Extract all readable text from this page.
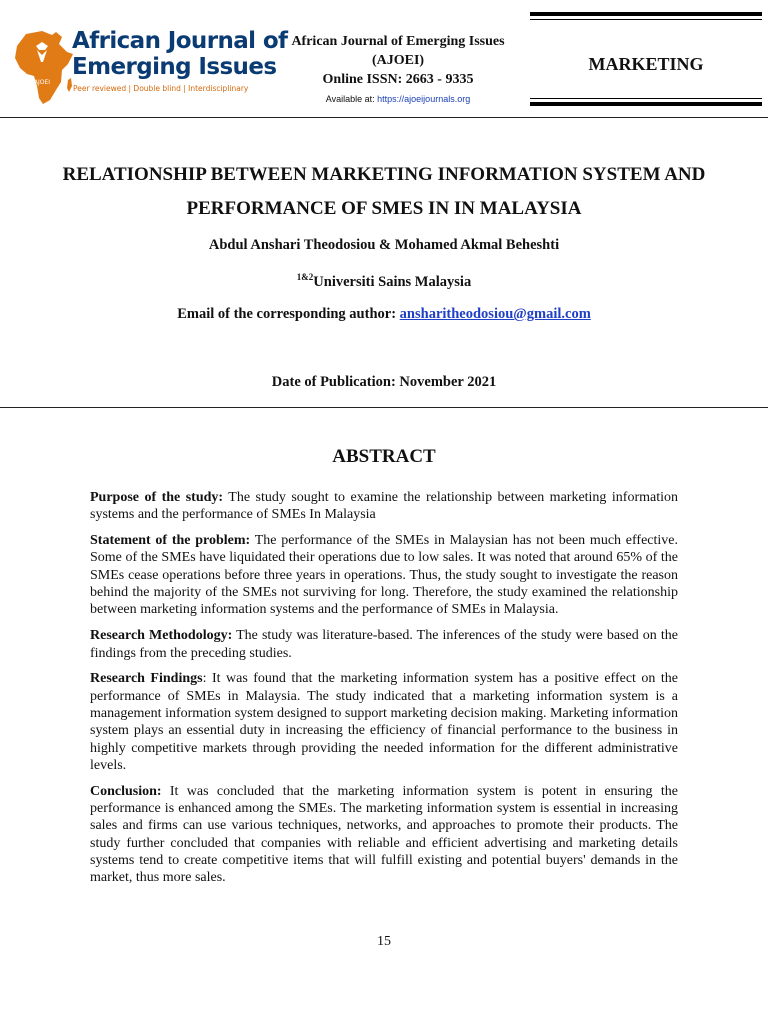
AJOEI
African Journal of
Emerging Issues
Peer reviewed | Double blind | Interdisciplinary
African Journal of Emerging Issues
(AJOEI)
Online ISSN: 2663 - 9335
Available at: https://ajoeijournals.org
MARKETING
RELATIONSHIP BETWEEN MARKETING INFORMATION SYSTEM AND PERFORMANCE OF SMES IN IN MALAYSIA
Abdul Anshari Theodosiou & Mohamed Akmal Beheshti
$^{1\&2}$Universiti Sains Malaysia
Email of the corresponding author: ansharitheodosiou@gmail.com
Date of Publication: November 2021
ABSTRACT

Purpose of the study: The study sought to examine the relationship between marketing information systems and the performance of SMEs In Malaysia

Statement of the problem: The performance of the SMEs in Malaysian has not been much effective. Some of the SMEs have liquidated their operations due to low sales. It was noted that around 65% of the SMEs cease operations before three years in operations. Thus, the study sought to investigate the reason behind the majority of the SMEs not surviving for long. Therefore, the study examined the relationship between marketing information systems and the performance of SMEs in Malaysia.

Research Methodology: The study was literature-based. The inferences of the study were based on the findings from the preceding studies.

Research Findings: It was found that the marketing information system has a positive effect on the performance of SMEs in Malaysia. The study indicated that a marketing information system is a management information system designed to support marketing decision making. Marketing information system plays an essential duty in increasing the efficiency of financial performance to the business in highly competitive markets through providing the needed information for the different administrative levels.

Conclusion: It was concluded that the marketing information system is potent in ensuring the performance is enhanced among the SMEs. The marketing information system is essential in increasing sales and firms can use various techniques, networks, and approaches to promote their products. The study further concluded that companies with reliable and efficient advertising and marketing details systems tend to create competitive items that will fulfill existing and potential buyers' demands in the market, thus more sales.

15
